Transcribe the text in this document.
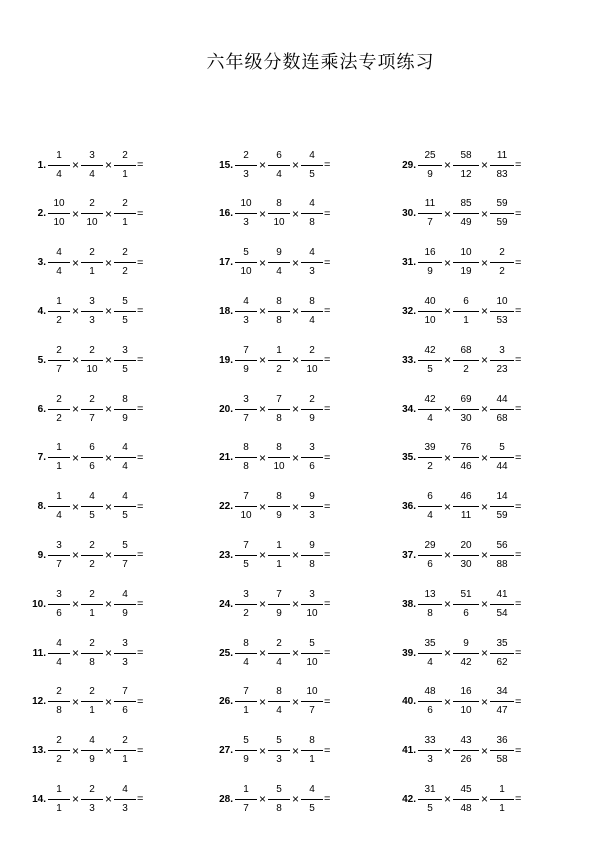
六年级分数连乘法专项练习
1. $\frac{1}{4} \times \frac{3}{4} \times \frac{2}{1}$ =
2. $\frac{10}{10} \times \frac{2}{10} \times \frac{2}{1}$ =
3. $\frac{4}{4} \times \frac{2}{1} \times \frac{2}{2}$ =
4. $\frac{1}{2} \times \frac{3}{3} \times \frac{5}{5}$ =
5. $\frac{2}{7} \times \frac{2}{10} \times \frac{3}{5}$ =
6. $\frac{2}{2} \times \frac{2}{7} \times \frac{8}{9}$ =
7. $\frac{1}{1} \times \frac{6}{6} \times \frac{4}{4}$ =
8. $\frac{1}{4} \times \frac{4}{5} \times \frac{4}{5}$ =
9. $\frac{3}{7} \times \frac{2}{2} \times \frac{5}{7}$ =
10. $\frac{3}{6} \times \frac{2}{1} \times \frac{4}{9}$ =
11. $\frac{4}{4} \times \frac{2}{8} \times \frac{3}{3}$ =
12. $\frac{2}{8} \times \frac{2}{1} \times \frac{7}{6}$ =
13. $\frac{2}{2} \times \frac{4}{9} \times \frac{2}{1}$ =
14. $\frac{1}{1} \times \frac{2}{3} \times \frac{4}{3}$ =
15. $\frac{2}{3} \times \frac{6}{4} \times \frac{4}{5}$ =
16. $\frac{10}{3} \times \frac{8}{10} \times \frac{4}{8}$ =
17. $\frac{5}{10} \times \frac{9}{4} \times \frac{4}{3}$ =
18. $\frac{4}{3} \times \frac{8}{8} \times \frac{8}{4}$ =
19. $\frac{7}{9} \times \frac{1}{2} \times \frac{2}{10}$ =
20. $\frac{3}{7} \times \frac{7}{8} \times \frac{2}{9}$ =
21. $\frac{8}{8} \times \frac{8}{10} \times \frac{3}{6}$ =
22. $\frac{7}{10} \times \frac{8}{9} \times \frac{9}{3}$ =
23. $\frac{7}{5} \times \frac{1}{1} \times \frac{9}{8}$ =
24. $\frac{3}{2} \times \frac{7}{9} \times \frac{3}{10}$ =
25. $\frac{8}{4} \times \frac{2}{4} \times \frac{5}{10}$ =
26. $\frac{7}{1} \times \frac{8}{4} \times \frac{10}{7}$ =
27. $\frac{5}{9} \times \frac{5}{3} \times \frac{8}{1}$ =
28. $\frac{1}{7} \times \frac{5}{8} \times \frac{4}{5}$ =
29. $\frac{25}{9} \times \frac{58}{12} \times \frac{11}{83}$ =
30. $\frac{11}{7} \times \frac{85}{49} \times \frac{59}{59}$ =
31. $\frac{16}{9} \times \frac{10}{19} \times \frac{2}{2}$ =
32. $\frac{40}{10} \times \frac{6}{1} \times \frac{10}{53}$ =
33. $\frac{42}{5} \times \frac{68}{2} \times \frac{3}{23}$ =
34. $\frac{42}{4} \times \frac{69}{30} \times \frac{44}{68}$ =
35. $\frac{39}{2} \times \frac{76}{46} \times \frac{5}{44}$ =
36. $\frac{6}{4} \times \frac{46}{11} \times \frac{14}{59}$ =
37. $\frac{29}{6} \times \frac{20}{30} \times \frac{56}{88}$ =
38. $\frac{13}{8} \times \frac{51}{6} \times \frac{41}{54}$ =
39. $\frac{35}{4} \times \frac{9}{42} \times \frac{35}{62}$ =
40. $\frac{48}{6} \times \frac{16}{10} \times \frac{34}{47}$ =
41. $\frac{33}{3} \times \frac{43}{26} \times \frac{36}{58}$ =
42. $\frac{31}{5} \times \frac{45}{48} \times \frac{1}{1}$ =
